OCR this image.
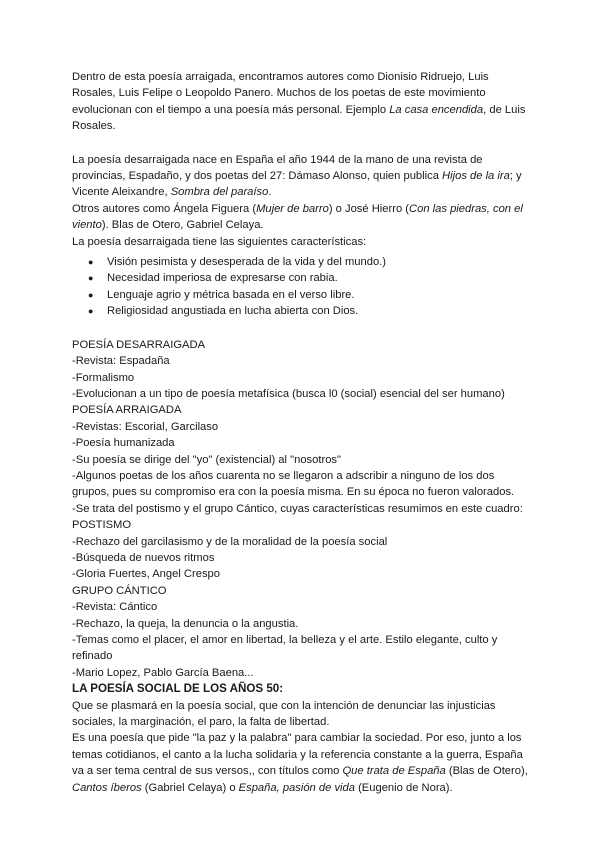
Dentro de esta poesía arraigada, encontramos autores como Dionisio Ridruejo, Luis Rosales, Luis Felipe o Leopoldo Panero. Muchos de los poetas de este movimiento evolucionan con el tiempo a una poesía más personal. Ejemplo La casa encendida, de Luis Rosales.

La poesía desarraigada nace en España el año 1944 de la mano de una revista de provincias, Espadaño, y dos poetas del 27: Dámaso Alonso, quien publica Hijos de la ira; y Vicente Aleixandre, Sombra del paraíso.

Otros autores como Ángela Figuera (Mujer de barro) o José Hierro (Con las piedras, con el viento). Blas de Otero, Gabriel Celaya.

La poesía desarraigada tiene las siguientes características:

● Visión pesimista y desesperada de la vida y del mundo.)
● Necesidad imperiosa de expresarse con rabia.
● Lenguaje agrio y métrica basada en el verso libre.
● Religiosidad angustiada en lucha abierta con Dios.

POESÍA DESARRAIGADA

-Revista: Espadaña

-Formalismo

-Evolucionan a un tipo de poesía metafísica (busca l0 (social) esencial del ser humano)

POESÍA ARRAIGADA

-Revistas: Escorial, Garcilaso

-Poesía humanizada

-Su poesía se dirige del "yo" (existencial) al "nosotros"

-Algunos poetas de los años cuarenta no se llegaron a adscribir a ninguno de los dos grupos, pues su compromiso era con la poesía misma. En su época no fueron valorados.

-Se trata del postismo y el grupo Cántico, cuyas características resumimos en este cuadro:

POSTISMO

-Rechazo del garcilasismo y de la moralidad de la poesía social

-Búsqueda de nuevos ritmos

-Gloria Fuertes, Angel Crespo

GRUPO CÁNTICO

-Revista: Cántico

-Rechazo, la queja, la denuncia o la angustia.

-Temas como el placer, el amor en libertad, la belleza y el arte. Estilo elegante, culto y refinado

-Mario Lopez, Pablo García Baena...

LA POESÍA SOCIAL DE LOS AÑOS 50:

Que se plasmará en la poesía social, que con la intención de denunciar las injusticias sociales, la marginación, el paro, la falta de libertad.

Es una poesía que pide "la paz y la palabra" para cambiar la sociedad. Por eso, junto a los temas cotidianos, el canto a la lucha solidaria y la referencia constante a la guerra, España va a ser tema central de sus versos,, con títulos como Que trata de España (Blas de Otero), Cantos íberos (Gabriel Celaya) o España, pasión de vida (Eugenio de Nora).
